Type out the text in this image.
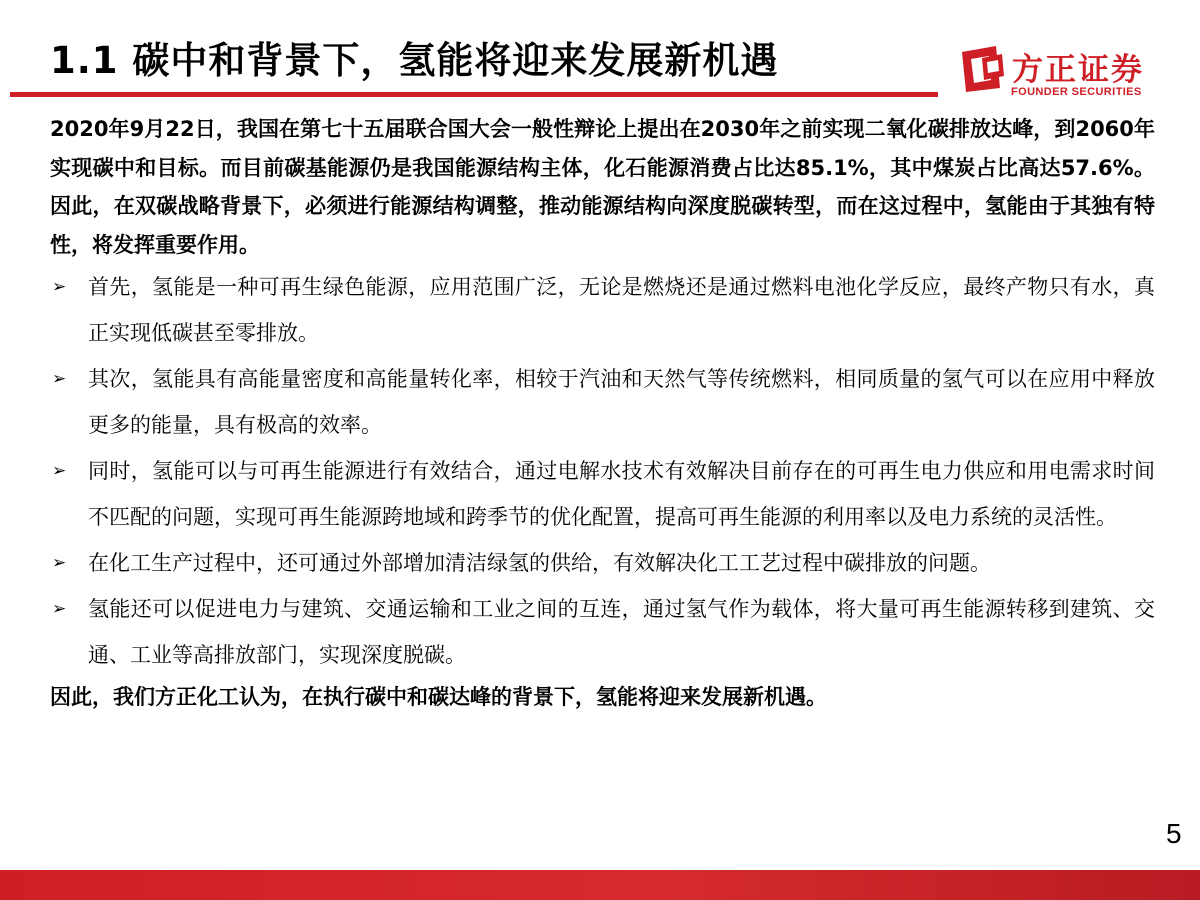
1.1 碳中和背景下，氢能将迎来发展新机遇	方正证券
FOUNDER SECURITIES

2020年9月22日，我国在第七十五届联合国大会一般性辩论上提出在2030年之前实现二氧化碳排放达峰，到2060年实现碳中和目标。而目前碳基能源仍是我国能源结构主体，化石能源消费占比达85.1%，其中煤炭占比高达57.6%。因此，在双碳战略背景下，必须进行能源结构调整，推动能源结构向深度脱碳转型，而在这过程中，氢能由于其独有特性，将发挥重要作用。

➢ 首先，氢能是一种可再生绿色能源，应用范围广泛，无论是燃烧还是通过燃料电池化学反应，最终产物只有水，真正实现低碳甚至零排放。
➢ 其次，氢能具有高能量密度和高能量转化率，相较于汽油和天然气等传统燃料，相同质量的氢气可以在应用中释放更多的能量，具有极高的效率。
➢ 同时，氢能可以与可再生能源进行有效结合，通过电解水技术有效解决目前存在的可再生电力供应和用电需求时间不匹配的问题，实现可再生能源跨地域和跨季节的优化配置，提高可再生能源的利用率以及电力系统的灵活性。
➢ 在化工生产过程中，还可通过外部增加清洁绿氢的供给，有效解决化工工艺过程中碳排放的问题。
➢ 氢能还可以促进电力与建筑、交通运输和工业之间的互连，通过氢气作为载体，将大量可再生能源转移到建筑、交通、工业等高排放部门，实现深度脱碳。

因此，我们方正化工认为，在执行碳中和碳达峰的背景下，氢能将迎来发展新机遇。

5
